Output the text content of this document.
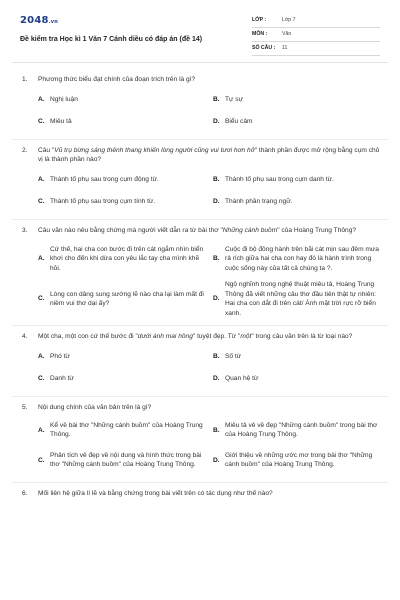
2048.vn
Đề kiểm tra Học kì 1 Văn 7 Cánh diều có đáp án (đề 14)
LỚP :	Lớp 7
MÔN :	Văn
SỐ CÂU :	11
1.	Phương thức biểu đạt chính của đoạn trích trên là gì?
A. Nghị luận	B. Tự sự
C. Miêu tả	D. Biểu cảm
2.	Câu "Vũ trụ bừng sáng thênh thang khiến lòng người cũng vui tươi hơn hở" thành phần được mở rộng bằng cụm chủ vị là thành phần nào?
A. Thành tố phụ sau trong cụm động từ.	B. Thành tố phụ sau trong cụm danh từ.
C. Thành tố phụ sau trong cụm tính từ.	D. Thành phần trạng ngữ.
3.	Câu văn nào nêu bằng chứng mà người viết dẫn ra từ bài thơ "Những cánh buồm" của Hoàng Trung Thông?
A.
Cứ thế, hai cha con bước đi trên cát ngắm nhìn biển khơi cho đến khi dừa con yêu lắc tay cha mình khẽ hỏi.
B.
Cuộc đi bộ đồng hành trên bãi cát mịn sau đêm mưa rả rích giữa hai cha con hay đó là hành trình trong cuộc sống này của tất cả chúng ta ?.
C.
Lòng con dâng sung sướng lẽ nào cha lại làm mất đi niềm vui thơ dại ấy?
D.
Ngộ nghĩnh trong nghệ thuật miêu tả, Hoàng Trung Thông đã viết những câu thơ đầu tiên thật tự nhiên: Hai cha con dắt đi trên cát/ Ánh mặt trời rực rỡ biển xanh.
4.	Một cha, một con cứ thế bước đi "dưới ánh mai hồng" tuyệt đẹp. Từ "một" trong câu văn trên là từ loại nào?
A. Phó từ	B. Số từ
C. Danh từ	D. Quan hệ từ
5.	Nội dung chính của văn bản trên là gì?
A.
Kể về bài thơ "Những cánh buồm" của Hoàng Trung Thông.
B.
Miêu tả vẻ về đẹp "Những cánh buồm" trong bài thơ của Hoàng Trung Thông.
C.
Phân tích vẻ đẹp về nội dung và hình thức trong bài thơ "Những cánh buồm" của Hoàng Trung Thông.
D.
Giới thiệu về những ước mơ trong bài thơ "Những cánh buồm" của Hoàng Trung Thông.
6.	Mối liên hệ giữa lí lẽ và bằng chứng trong bài viết trên có tác dụng như thế nào?
